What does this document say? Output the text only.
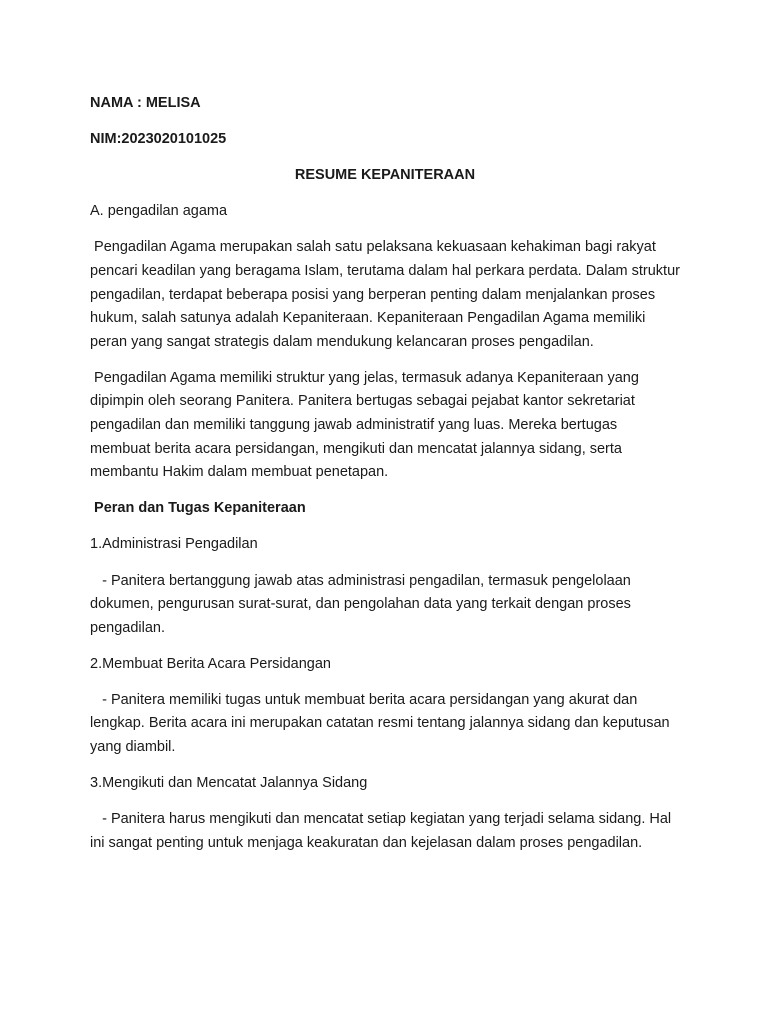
NAMA : MELISA
NIM:2023020101025
RESUME KEPANITERAAN
A. pengadilan agama
Pengadilan Agama merupakan salah satu pelaksana kekuasaan kehakiman bagi rakyat pencari keadilan yang beragama Islam, terutama dalam hal perkara perdata. Dalam struktur pengadilan, terdapat beberapa posisi yang berperan penting dalam menjalankan proses hukum, salah satunya adalah Kepaniteraan. Kepaniteraan Pengadilan Agama memiliki peran yang sangat strategis dalam mendukung kelancaran proses pengadilan.
Pengadilan Agama memiliki struktur yang jelas, termasuk adanya Kepaniteraan yang dipimpin oleh seorang Panitera. Panitera bertugas sebagai pejabat kantor sekretariat pengadilan dan memiliki tanggung jawab administratif yang luas. Mereka bertugas membuat berita acara persidangan, mengikuti dan mencatat jalannya sidang, serta membantu Hakim dalam membuat penetapan.
Peran dan Tugas Kepaniteraan
1.Administrasi Pengadilan
- Panitera bertanggung jawab atas administrasi pengadilan, termasuk pengelolaan dokumen, pengurusan surat-surat, dan pengolahan data yang terkait dengan proses pengadilan.
2.Membuat Berita Acara Persidangan
- Panitera memiliki tugas untuk membuat berita acara persidangan yang akurat dan lengkap. Berita acara ini merupakan catatan resmi tentang jalannya sidang dan keputusan yang diambil.
3.Mengikuti dan Mencatat Jalannya Sidang
- Panitera harus mengikuti dan mencatat setiap kegiatan yang terjadi selama sidang. Hal ini sangat penting untuk menjaga keakuratan dan kejelasan dalam proses pengadilan.
